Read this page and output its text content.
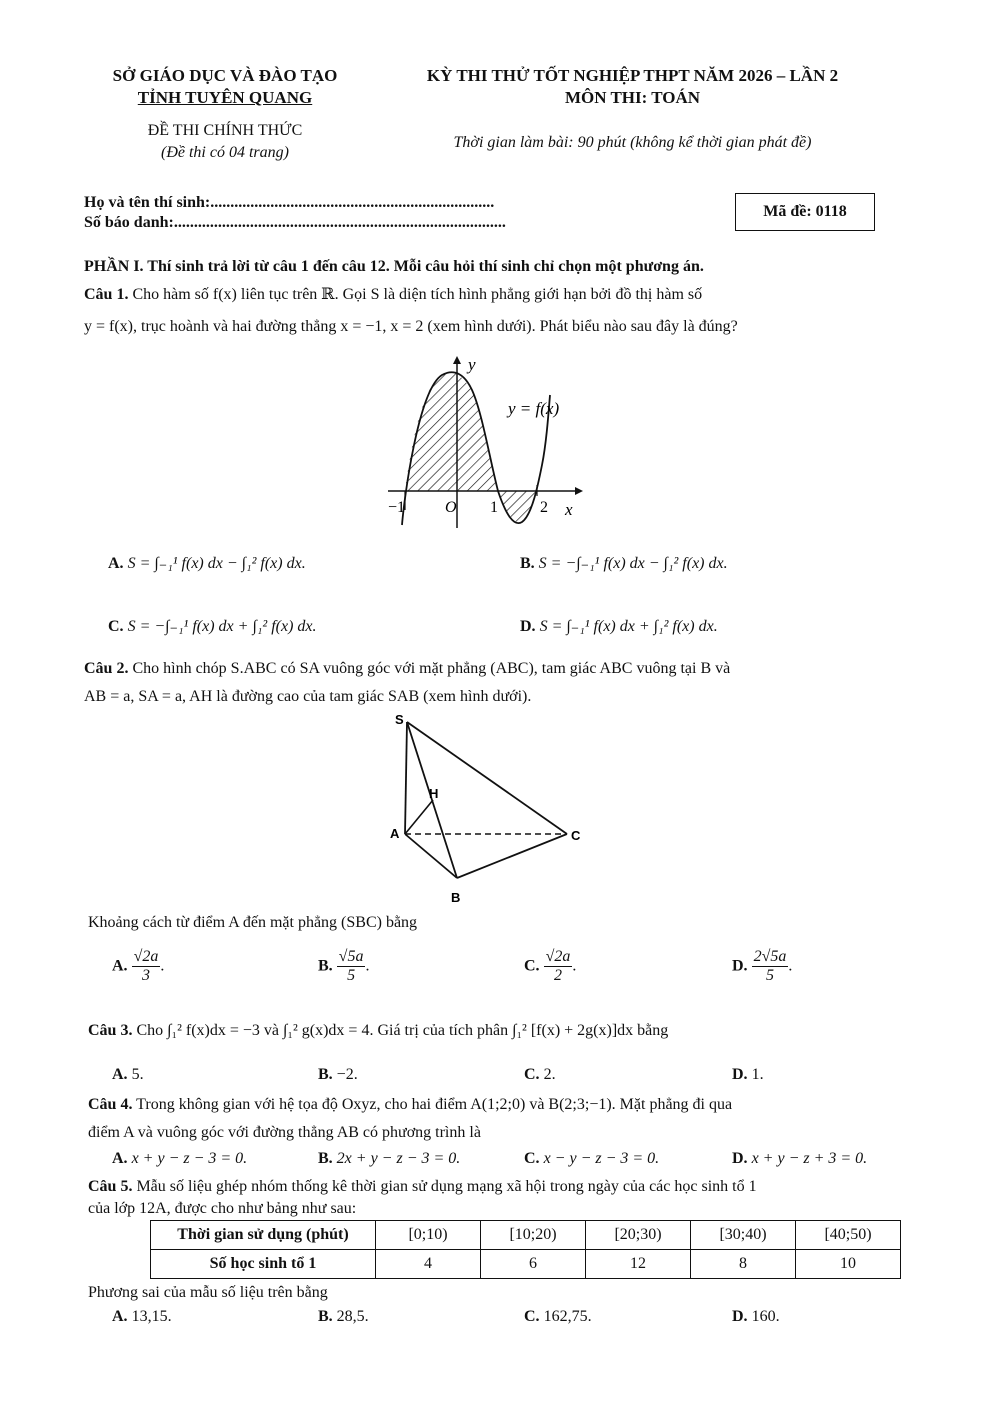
SỞ GIÁO DỤC VÀ ĐÀO TẠO
TỈNH TUYÊN QUANG
ĐỀ THI CHÍNH THỨC
(Đề thi có 04 trang)
KỲ THI THỬ TỐT NGHIỆP THPT NĂM 2026 – LẦN 2
MÔN THI: TOÁN
Thời gian làm bài: 90 phút (không kể thời gian phát đề)
Họ và tên thí sinh:.......................................................................
Số báo danh:...................................................................................
Mã đề: 0118
PHẦN I. Thí sinh trả lời từ câu 1 đến câu 12. Mỗi câu hỏi thí sinh chỉ chọn một phương án.
Câu 1. Cho hàm số f(x) liên tục trên ℝ. Gọi S là diện tích hình phẳng giới hạn bởi đồ thị hàm số
y = f(x), trục hoành và hai đường thẳng x = −1, x = 2 (xem hình dưới). Phát biểu nào sau đây là đúng?
y
x
y = f(x)
−1 O 1	2
A. S = ∫₋₁¹ f(x) dx − ∫₁² f(x) dx.	B. S = −∫₋₁¹ f(x) dx − ∫₁² f(x) dx.
C. S = −∫₋₁¹ f(x) dx + ∫₁² f(x) dx.	D. S = ∫₋₁¹ f(x) dx + ∫₁² f(x) dx.
Câu 2. Cho hình chóp S.ABC có SA vuông góc với mặt phẳng (ABC), tam giác ABC vuông tại B và
AB = a, SA = a, AH là đường cao của tam giác SAB (xem hình dưới).
S
H
A
B
C
Khoảng cách từ điểm A đến mặt phẳng (SBC) bằng
A. $\frac{√2a}{3}$ .	B. $\frac{√5a}{5}$ .	C. $\frac{√2a}{2}$ .	D. $\frac{2√5a}{5}$ .
Câu 3. Cho ∫₁² f(x)dx = −3 và ∫₁² g(x)dx = 4. Giá trị của tích phân ∫₁² [f(x) + 2g(x)]dx bằng
A. 5.	B. −2.	C. 2.	D. 1.
Câu 4. Trong không gian với hệ tọa độ Oxyz, cho hai điểm A(1;2;0) và B(2;3;−1). Mặt phẳng đi qua
điểm A và vuông góc với đường thẳng AB có phương trình là
A. x + y − z − 3 = 0.	B. 2x + y − z − 3 = 0.	C. x − y − z − 3 = 0.	D. x + y − z + 3 = 0.
Câu 5. Mẫu số liệu ghép nhóm thống kê thời gian sử dụng mạng xã hội trong ngày của các học sinh tổ 1
của lớp 12A, được cho như bảng như sau:
Thời gian sử dụng (phút)	[0;10)	[10;20)	[20;30)	[30;40)	[40;50)
Số học sinh tổ 1	4	6	12	8	10
Phương sai của mẫu số liệu trên bằng
A. 13,15.	B. 28,5.	C. 162,75.	D. 160.
